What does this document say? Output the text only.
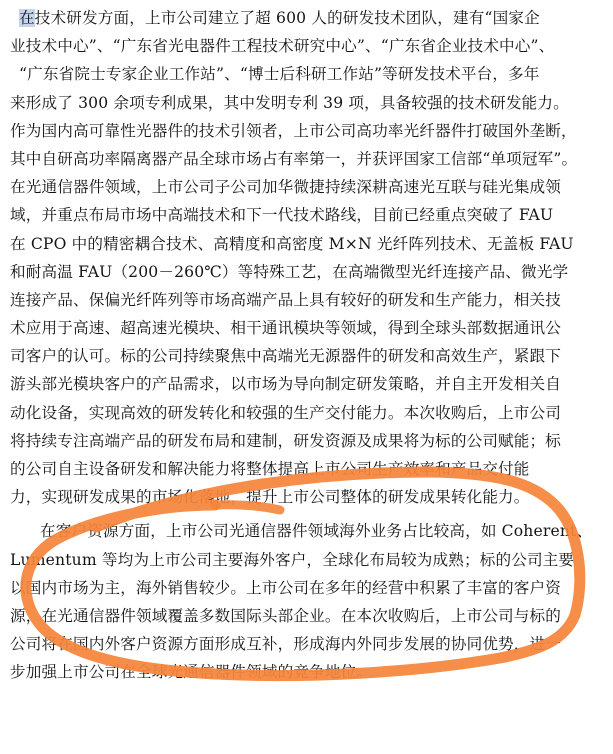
在技术研发方面，上市公司建立了超 600 人的研发技术团队，建有“国家企
业技术中心”、“广东省光电器件工程技术研究中心”、“广东省企业技术中心”、
“广东省院士专家企业工作站”、“博士后科研工作站”等研发技术平台，多年
来形成了 300 余项专利成果，其中发明专利 39 项，具备较强的技术研发能力。
作为国内高可靠性光器件的技术引领者，上市公司高功率光纤器件打破国外垄断，
其中自研高功率隔离器产品全球市场占有率第一，并获评国家工信部“单项冠军”。
在光通信器件领域，上市公司子公司加华微捷持续深耕高速光互联与硅光集成领
域，并重点布局市场中高端技术和下一代技术路线，目前已经重点突破了 FAU
在 CPO 中的精密耦合技术、高精度和高密度 M×N 光纤阵列技术、无盖板 FAU
和耐高温 FAU（200－260℃）等特殊工艺，在高端微型光纤连接产品、微光学
连接产品、保偏光纤阵列等市场高端产品上具有较好的研发和生产能力，相关技
术应用于高速、超高速光模块、相干通讯模块等领域，得到全球头部数据通讯公
司客户的认可。标的公司持续聚焦中高端光无源器件的研发和高效生产，紧跟下
游头部光模块客户的产品需求，以市场为导向制定研发策略，并自主开发相关自
动化设备，实现高效的研发转化和较强的生产交付能力。本次收购后，上市公司
将持续专注高端产品的研发布局和建制，研发资源及成果将为标的公司赋能；标
的公司自主设备研发和解决能力将整体提高上市公司生产效率和产品交付能
力，实现研发成果的市场化落地，提升上市公司整体的研发成果转化能力。
在客户资源方面，上市公司光通信器件领域海外业务占比较高，如 Coherent、
Lumentum 等均为上市公司主要海外客户，全球化布局较为成熟；标的公司主要
以国内市场为主，海外销售较少。上市公司在多年的经营中积累了丰富的客户资
源，在光通信器件领域覆盖多数国际头部企业。在本次收购后，上市公司与标的
公司将在国内外客户资源方面形成互补，形成海内外同步发展的协同优势，进一
步加强上市公司在全球光通信器件领域的竞争地位。
